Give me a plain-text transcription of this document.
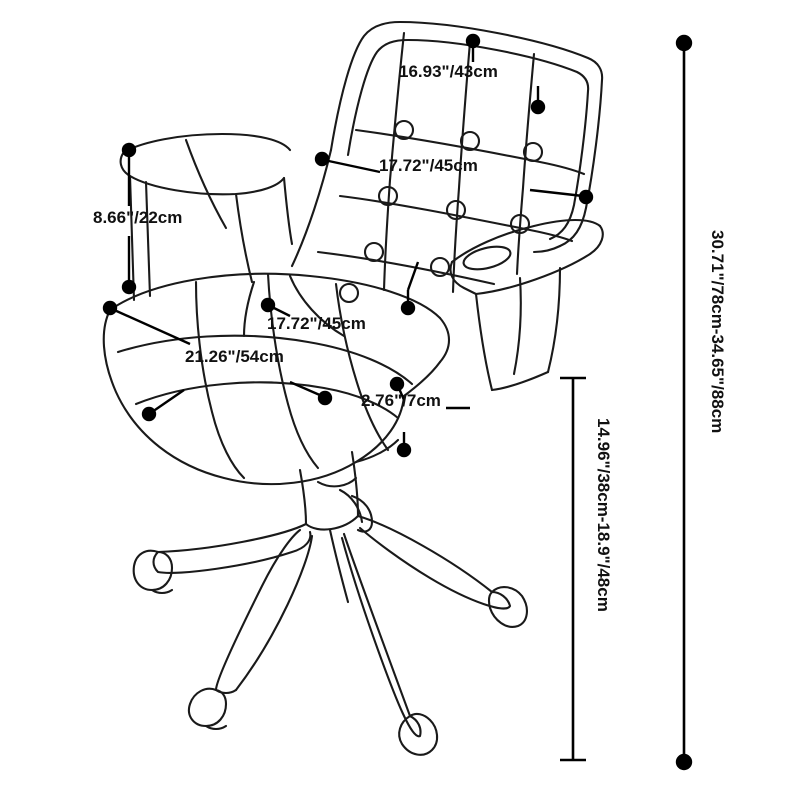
16.93"/43cm
17.72"/45cm
8.66"/22cm
17.72"/45cm
21.26"/54cm
2.76"/7cm	30.71"/78cm-34.65"/88cm
14.96"/38cm-18.9"/48cm
